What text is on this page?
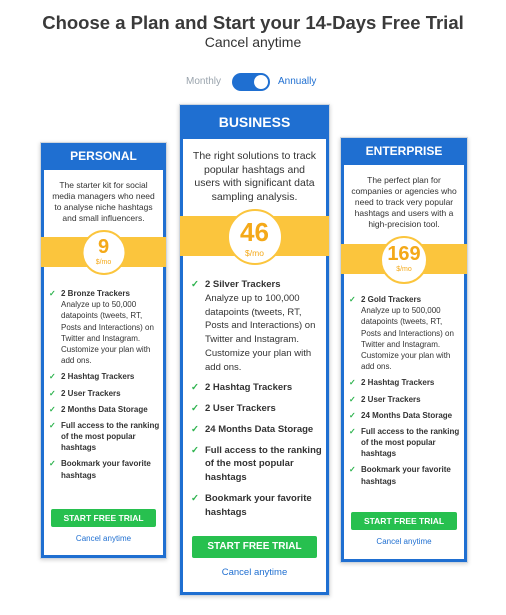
Choose a Plan and Start your 14-Days Free Trial
Cancel anytime
Monthly	Annually
PERSONAL
The starter kit for social media managers who need to analyse niche hashtags and small influencers.
9
$/mo
✓ 2 Bronze Trackers
Analyze up to 50,000 datapoints (tweets, RT, Posts and Interactions) on Twitter and Instagram. Customize your plan with add ons.
✓ 2 Hashtag Trackers
✓ 2 User Trackers
✓ 2 Months Data Storage
✓ Full access to the ranking of the most popular hashtags
✓ Bookmark your favorite hashtags
START FREE TRIAL
Cancel anytime
BUSINESS
The right solutions to track popular hashtags and users with significant data sampling analysis.
46
$/mo
✓ 2 Silver Trackers
Analyze up to 100,000 datapoints (tweets, RT, Posts and Interactions) on Twitter and Instagram. Customize your plan with add ons.
✓ 2 Hashtag Trackers
✓ 2 User Trackers
✓ 24 Months Data Storage
✓ Full access to the ranking of the most popular hashtags
✓ Bookmark your favorite hashtags
START FREE TRIAL
Cancel anytime
ENTERPRISE
The perfect plan for companies or agencies who need to track very popular hashtags and users with a high-precision tool.
169
$/mo
✓ 2 Gold Trackers
Analyze up to 500,000 datapoints (tweets, RT, Posts and Interactions) on Twitter and Instagram. Customize your plan with add ons.
✓ 2 Hashtag Trackers
✓ 2 User Trackers
✓ 24 Months Data Storage
✓ Full access to the ranking of the most popular hashtags
✓ Bookmark your favorite hashtags
START FREE TRIAL
Cancel anytime
